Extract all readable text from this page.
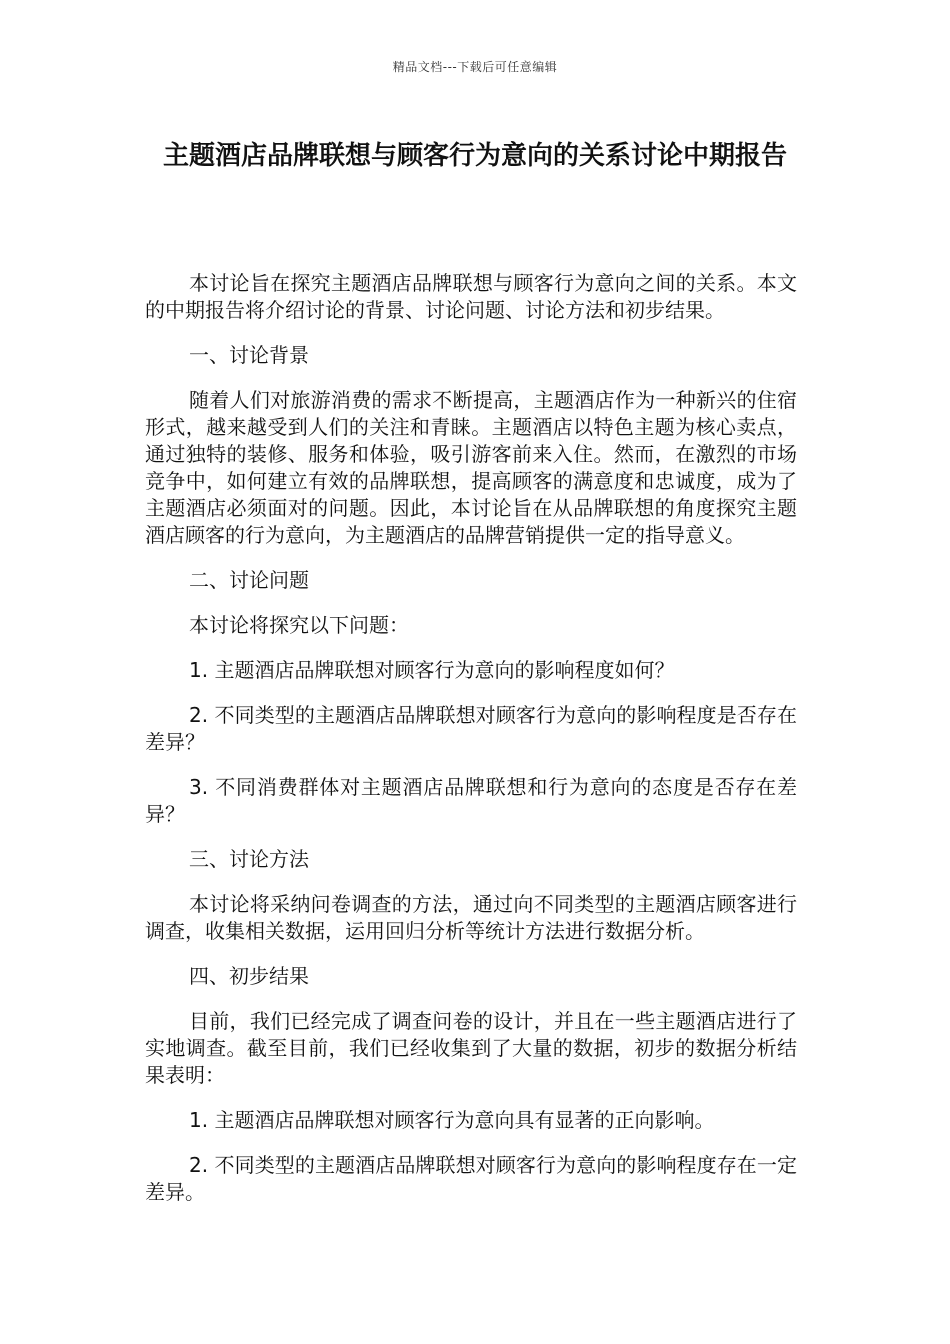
精品文档---下载后可任意编辑
主题酒店品牌联想与顾客行为意向的关系讨论中期报告

本讨论旨在探究主题酒店品牌联想与顾客行为意向之间的关系。本文的中期报告将介绍讨论的背景、讨论问题、讨论方法和初步结果。

一、讨论背景

随着人们对旅游消费的需求不断提高，主题酒店作为一种新兴的住宿形式，越来越受到人们的关注和青睐。主题酒店以特色主题为核心卖点，通过独特的装修、服务和体验，吸引游客前来入住。然而，在激烈的市场竞争中，如何建立有效的品牌联想，提高顾客的满意度和忠诚度，成为了主题酒店必须面对的问题。因此，本讨论旨在从品牌联想的角度探究主题酒店顾客的行为意向，为主题酒店的品牌营销提供一定的指导意义。

二、讨论问题

本讨论将探究以下问题：

1. 主题酒店品牌联想对顾客行为意向的影响程度如何？

2. 不同类型的主题酒店品牌联想对顾客行为意向的影响程度是否存在差异？

3. 不同消费群体对主题酒店品牌联想和行为意向的态度是否存在差异？

三、讨论方法

本讨论将采纳问卷调查的方法，通过向不同类型的主题酒店顾客进行调查，收集相关数据，运用回归分析等统计方法进行数据分析。

四、初步结果

目前，我们已经完成了调查问卷的设计，并且在一些主题酒店进行了实地调查。截至目前，我们已经收集到了大量的数据，初步的数据分析结果表明：

1. 主题酒店品牌联想对顾客行为意向具有显著的正向影响。

2. 不同类型的主题酒店品牌联想对顾客行为意向的影响程度存在一定差异。
